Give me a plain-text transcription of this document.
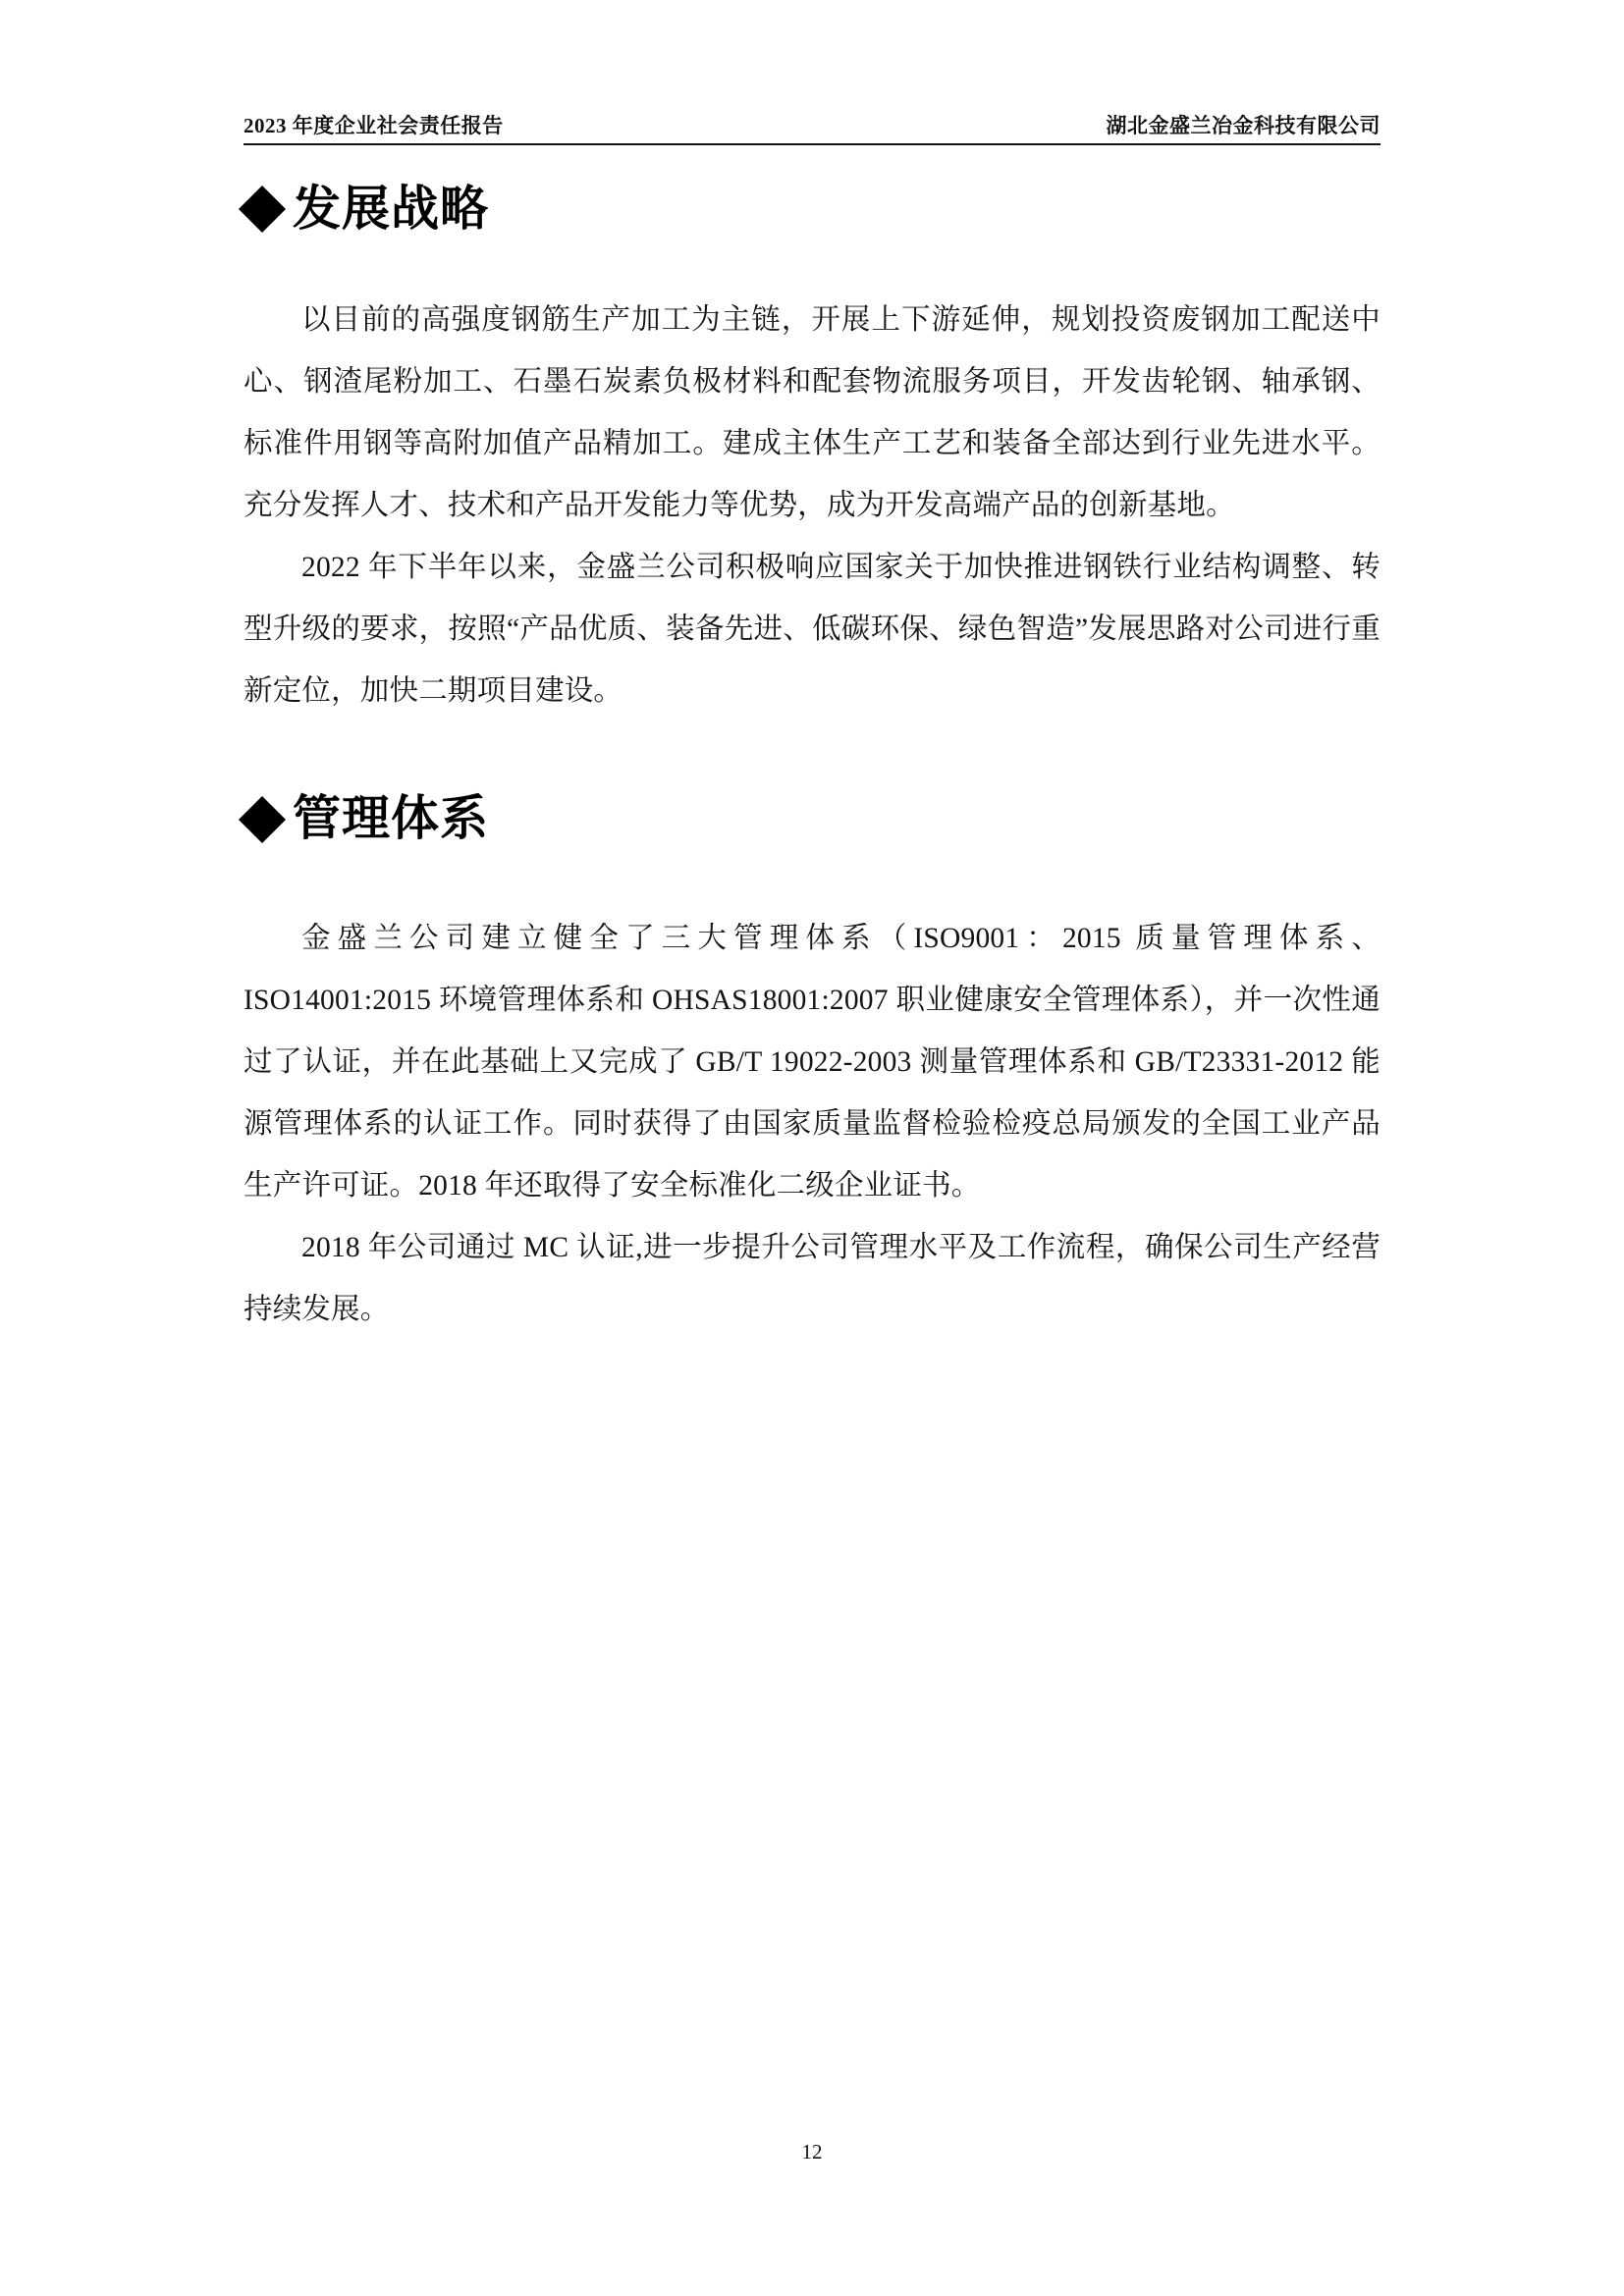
2023 年度企业社会责任报告	湖北金盛兰冶金科技有限公司
发展战略

以目前的高强度钢筋生产加工为主链，开展上下游延伸，规划投资废钢加工配送中心、钢渣尾粉加工、石墨石炭素负极材料和配套物流服务项目，开发齿轮钢、轴承钢、标准件用钢等高附加值产品精加工。建成主体生产工艺和装备全部达到行业先进水平。充分发挥人才、技术和产品开发能力等优势，成为开发高端产品的创新基地。

2022 年下半年以来，金盛兰公司积极响应国家关于加快推进钢铁行业结构调整、转型升级的要求，按照“产品优质、装备先进、低碳环保、绿色智造”发展思路对公司进行重新定位，加快二期项目建设。

管理体系

金盛兰公司建立健全了三大管理体系（ISO9001：2015 质量管理体系、ISO14001:2015 环境管理体系和 OHSAS18001:2007 职业健康安全管理体系），并一次性通过了认证，并在此基础上又完成了 GB/T 19022-2003 测量管理体系和 GB/T23331-2012 能源管理体系的认证工作。同时获得了由国家质量监督检验检疫总局颁发的全国工业产品生产许可证。2018 年还取得了安全标准化二级企业证书。

2018 年公司通过 MC 认证,进一步提升公司管理水平及工作流程，确保公司生产经营持续发展。

12
